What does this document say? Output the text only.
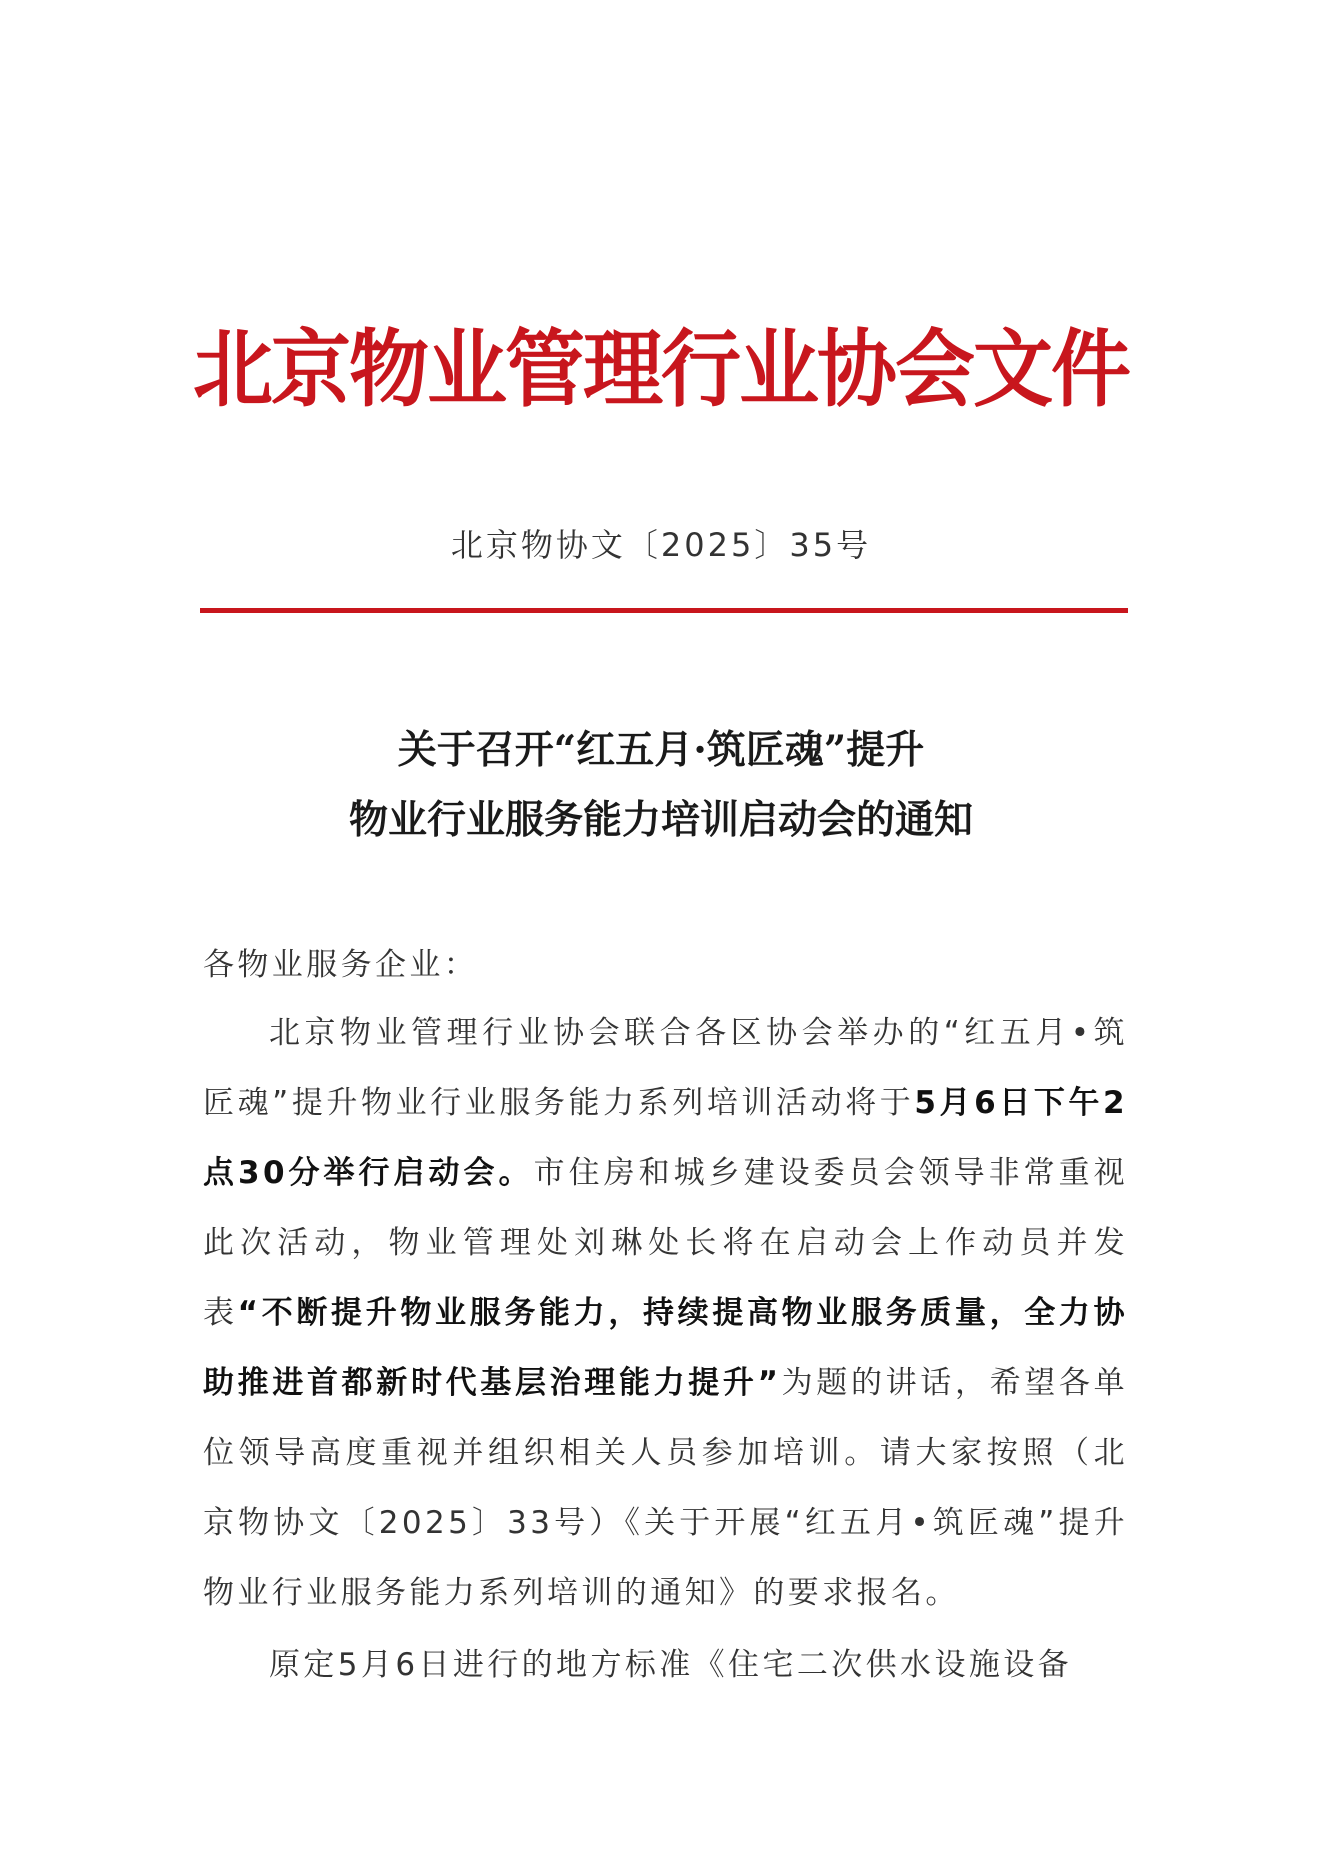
北京物业管理行业协会文件
北京物协文〔2025〕35号
关于召开“红五月·筑匠魂”提升
物业行业服务能力培训启动会的通知
各物业服务企业：
北京物业管理行业协会联合各区协会举办的“红五月•筑匠魂”提升物业行业服务能力系列培训活动将于5月6日下午2点30分举行启动会。市住房和城乡建设委员会领导非常重视此次活动，物业管理处刘琳处长将在启动会上作动员并发表“不断提升物业服务能力，持续提高物业服务质量，全力协助推进首都新时代基层治理能力提升”为题的讲话，希望各单位领导高度重视并组织相关人员参加培训。请大家按照（北京物协文〔2025〕33号）《关于开展“红五月•筑匠魂”提升物业行业服务能力系列培训的通知》的要求报名。
原定5月6日进行的地方标准《住宅二次供水设施设备
